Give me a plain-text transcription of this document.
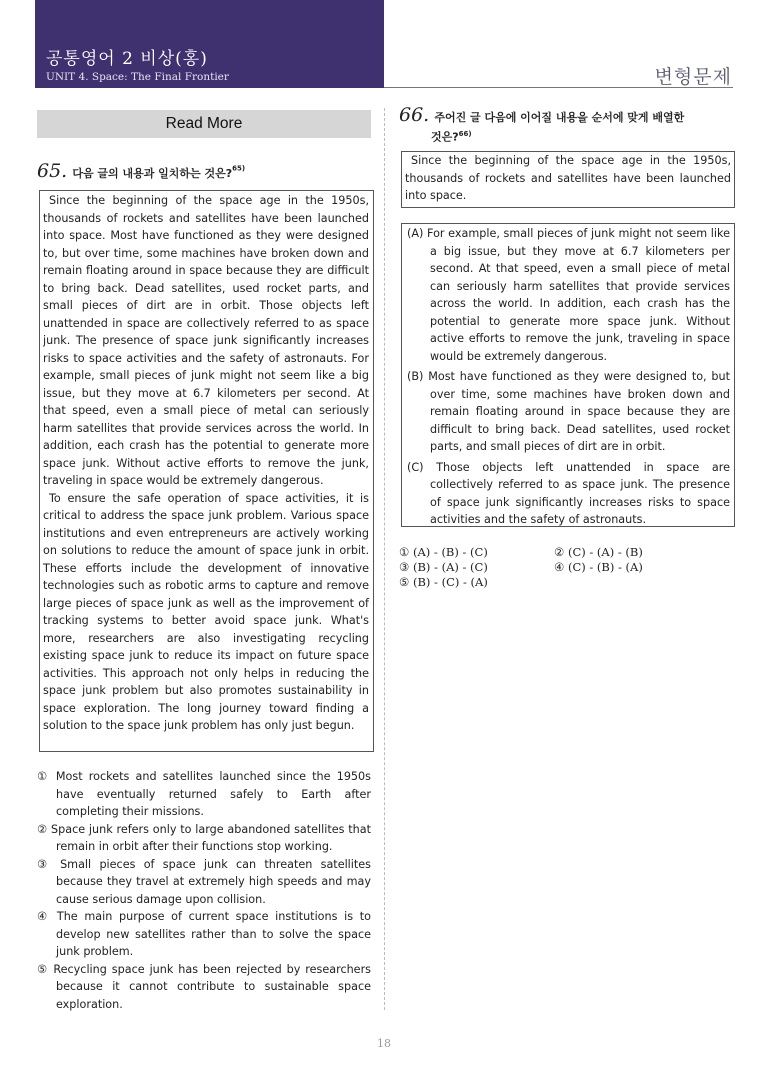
공통영어 2 비상(홍)
UNIT 4. Space: The Final Frontier	변형문제
Read More
65. 다음 글의 내용과 일치하는 것은?$^{65)}$

Since the beginning of the space age in the 1950s, thousands of rockets and satellites have been launched into space. Most have functioned as they were designed to, but over time, some machines have broken down and remain floating around in space because they are difficult to bring back. Dead satellites, used rocket parts, and small pieces of dirt are in orbit. Those objects left unattended in space are collectively referred to as space junk. The presence of space junk significantly increases risks to space activities and the safety of astronauts. For example, small pieces of junk might not seem like a big issue, but they move at 6.7 kilometers per second. At that speed, even a small piece of metal can seriously harm satellites that provide services across the world. In addition, each crash has the potential to generate more space junk. Without active efforts to remove the junk, traveling in space would be extremely dangerous.

To ensure the safe operation of space activities, it is critical to address the space junk problem. Various space institutions and even entrepreneurs are actively working on solutions to reduce the amount of space junk in orbit. These efforts include the development of innovative technologies such as robotic arms to capture and remove large pieces of space junk as well as the improvement of tracking systems to better avoid space junk. What's more, researchers are also investigating recycling existing space junk to reduce its impact on future space activities. This approach not only helps in reducing the space junk problem but also promotes sustainability in space exploration. The long journey toward finding a solution to the space junk problem has only just begun.

① Most rockets and satellites launched since the 1950s have eventually returned safely to Earth after completing their missions.
② Space junk refers only to large abandoned satellites that remain in orbit after their functions stop working.
③ Small pieces of space junk can threaten satellites because they travel at extremely high speeds and may cause serious damage upon collision.
④ The main purpose of current space institutions is to develop new satellites rather than to solve the space junk problem.
⑤ Recycling space junk has been rejected by researchers because it cannot contribute to sustainable space exploration.
66. 주어진 글 다음에 이어질 내용을 순서에 맞게 배열한
것은?$^{66)}$

Since the beginning of the space age in the 1950s, thousands of rockets and satellites have been launched into space.

(A) For example, small pieces of junk might not seem like a big issue, but they move at 6.7 kilometers per second. At that speed, even a small piece of metal can seriously harm satellites that provide services across the world. In addition, each crash has the potential to generate more space junk. Without active efforts to remove the junk, traveling in space would be extremely dangerous.
(B) Most have functioned as they were designed to, but over time, some machines have broken down and remain floating around in space because they are difficult to bring back. Dead satellites, used rocket parts, and small pieces of dirt are in orbit.
(C) Those objects left unattended in space are collectively referred to as space junk. The presence of space junk significantly increases risks to space activities and the safety of astronauts.
① (A) - (B) - (C)	② (C) - (A) - (B)
③ (B) - (A) - (C)	④ (C) - (B) - (A)
⑤ (B) - (C) - (A)
18
